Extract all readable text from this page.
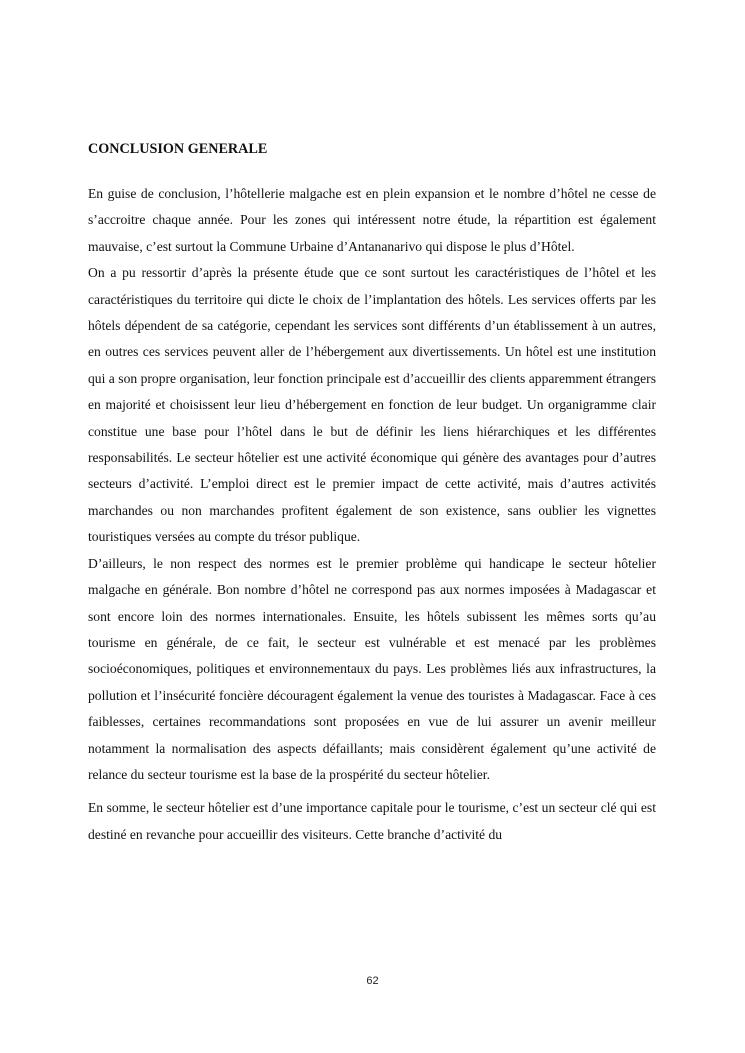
CONCLUSION GENERALE

En guise de conclusion, l’hôtellerie malgache est en plein expansion et le nombre d’hôtel ne cesse de s’accroitre chaque année. Pour les zones qui intéressent notre étude, la répartition est également mauvaise, c’est surtout la Commune Urbaine d’Antananarivo qui dispose le plus d’Hôtel.

On a pu ressortir d’après la présente étude que ce sont surtout les caractéristiques de l’hôtel et les caractéristiques du territoire qui dicte le choix de l’implantation des hôtels. Les services offerts par les hôtels dépendent de sa catégorie, cependant les services sont différents d’un établissement à un autres, en outres ces services peuvent aller de l’hébergement aux divertissements. Un hôtel est une institution qui a son propre organisation, leur fonction principale est d’accueillir des clients apparemment étrangers en majorité et choisissent leur lieu d’hébergement en fonction de leur budget. Un organigramme clair constitue une base pour l’hôtel dans le but de définir les liens hiérarchiques et les différentes responsabilités. Le secteur hôtelier est une activité économique qui génère des avantages pour d’autres secteurs d’activité. L’emploi direct est le premier impact de cette activité, mais d’autres activités marchandes ou non marchandes profitent également de son existence, sans oublier les vignettes touristiques versées au compte du trésor publique.

D’ailleurs, le non respect des normes est le premier problème qui handicape le secteur hôtelier malgache en générale. Bon nombre d’hôtel ne correspond pas aux normes imposées à Madagascar et sont encore loin des normes internationales. Ensuite, les hôtels subissent les mêmes sorts qu’au tourisme en générale, de ce fait, le secteur est vulnérable et est menacé par les problèmes socioéconomiques, politiques et environnementaux du pays. Les problèmes liés aux infrastructures, la pollution et l’insécurité foncière découragent également la venue des touristes à Madagascar. Face à ces faiblesses, certaines recommandations sont proposées en vue de lui assurer un avenir meilleur notamment la normalisation des aspects défaillants; mais considèrent également qu’une activité de relance du secteur tourisme est la base de la prospérité du secteur hôtelier.

En somme, le secteur hôtelier est d’une importance capitale pour le tourisme, c’est un secteur clé qui est destiné en revanche pour accueillir des visiteurs. Cette branche d’activité du

62
